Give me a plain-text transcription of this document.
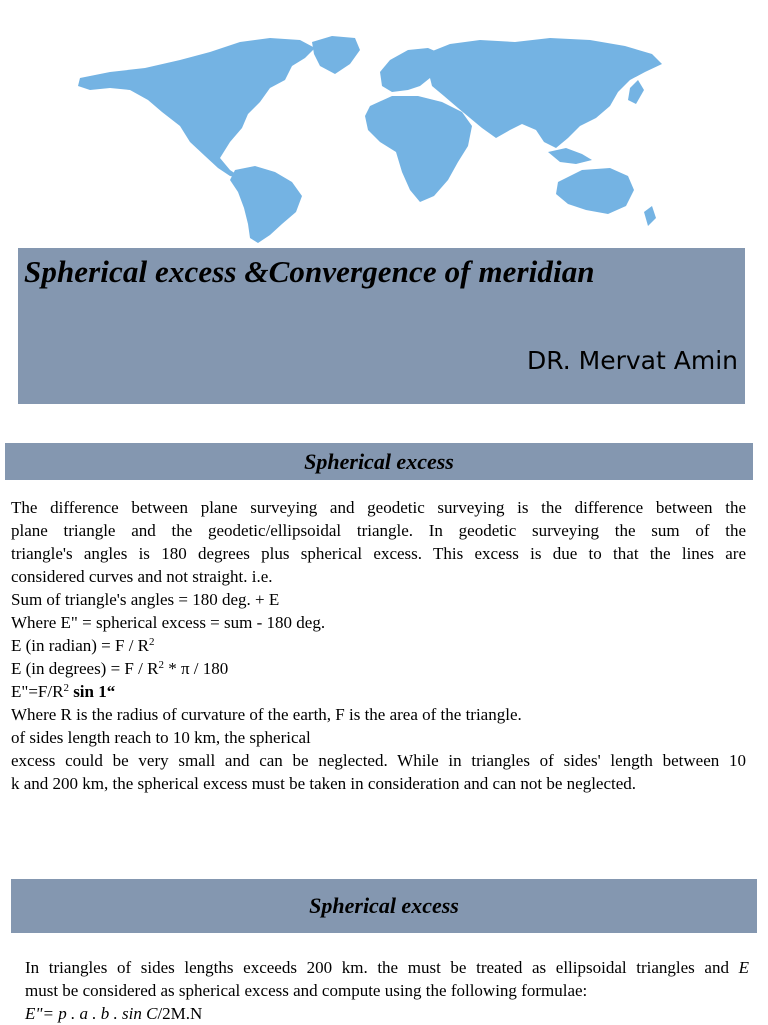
Spherical excess &Convergence of meridian
DR. Mervat Amin
Spherical excess

The difference between plane surveying and geodetic surveying is the difference between the

plane triangle and the geodetic/ellipsoidal triangle. In geodetic surveying the sum of the

triangle's angles is 180 degrees plus spherical excess. This excess is due to that the lines are

considered curves and not straight. i.e.

Sum of triangle's angles = 180 deg. + E

Where E" = spherical excess = sum - 180 deg.

E (in radian) = F / $R^2$

E (in degrees) = F / $R^2$ * π / 180

$E"=F/R^2$ sin 1“

Where R is the radius of curvature of the earth, F is the area of the triangle.

of sides length reach to 10 km, the spherical

excess could be very small and can be neglected. While in triangles of sides' length between 10

k and 200 km, the spherical excess must be taken in consideration and can not be neglected.

Spherical excess

In triangles of sides lengths exceeds 200 km. the must be treated as ellipsoidal triangles and E

must be considered as spherical excess and compute using the following formulae:

E"= p . a . b . sin C/2M.N
